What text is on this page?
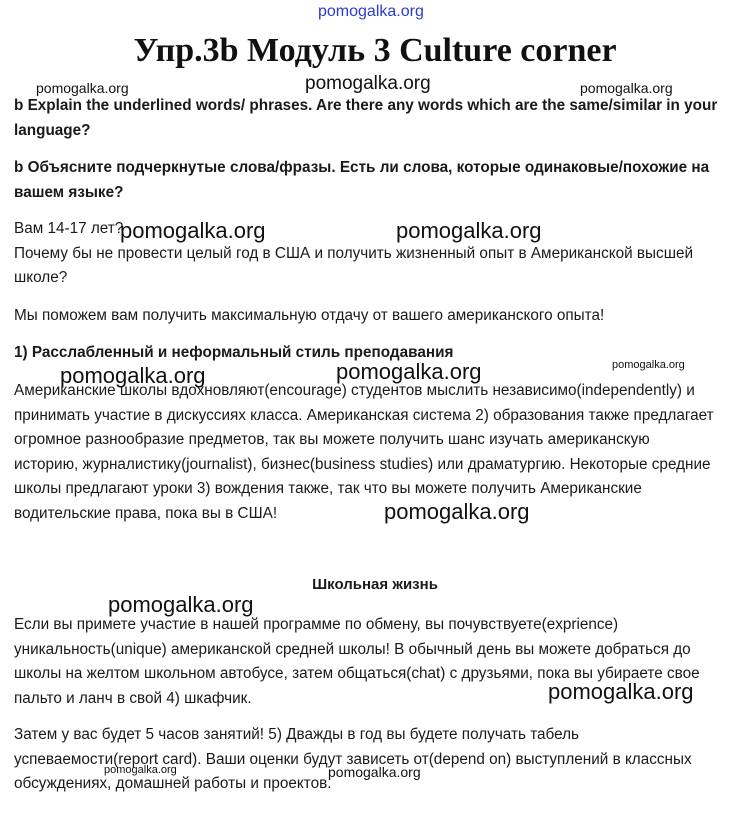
pomogalka.org
Упр.3b Модуль 3 Culture corner
pomogalka.org	pomogalka.org	pomogalka.org
b Explain the underlined words/ phrases. Are there any words which are the same/similar in your
language?
b Объясните подчеркнутые слова/фразы. Есть ли слова, которые одинаковые/похожие на
вашем языке?
Вам 14-17 лет?
Почему бы не провести целый год в США и получить жизненный опыт в Американской высшей
школе?
pomogalka.org	pomogalka.org
Мы поможем вам получить максимальную отдачу от вашего американского опыта!
1) Расслабленный и неформальный стиль преподавания
pomogalka.org
Американские школы вдохновляют(encourage) студентов мыслить независимо(independently) и
принимать участие в дискуссиях класса. Американская система 2) образования также предлагает
огромное разнообразие предметов, так вы можете получить шанс изучать американскую
историю, журналистику(journalist), бизнес(business studies) или драматургию. Некоторые средние
школы предлагают уроки 3) вождения также, так что вы можете получить Американские
водительские права, пока вы в США!
pomogalka.org	pomogalka.org
pomogalka.org
Школьная жизнь
pomogalka.org
Если вы примете участие в нашей программе по обмену, вы почувствуете(exprience)
уникальность(unique) американской средней школы! В обычный день вы можете добраться до
школы на желтом школьном автобусе, затем общаться(chat) с друзьями, пока вы убираете свое
пальто и ланч в свой 4) шкафчик.	pomogalka.org
Затем у вас будет 5 часов занятий! 5) Дважды в год вы будете получать табель
успеваемости(report card). Ваши оценки будут зависеть от(depend on) выступлений в классных
обсуждениях, домашней работы и проектов.
pomogalka.org	pomogalka.org
